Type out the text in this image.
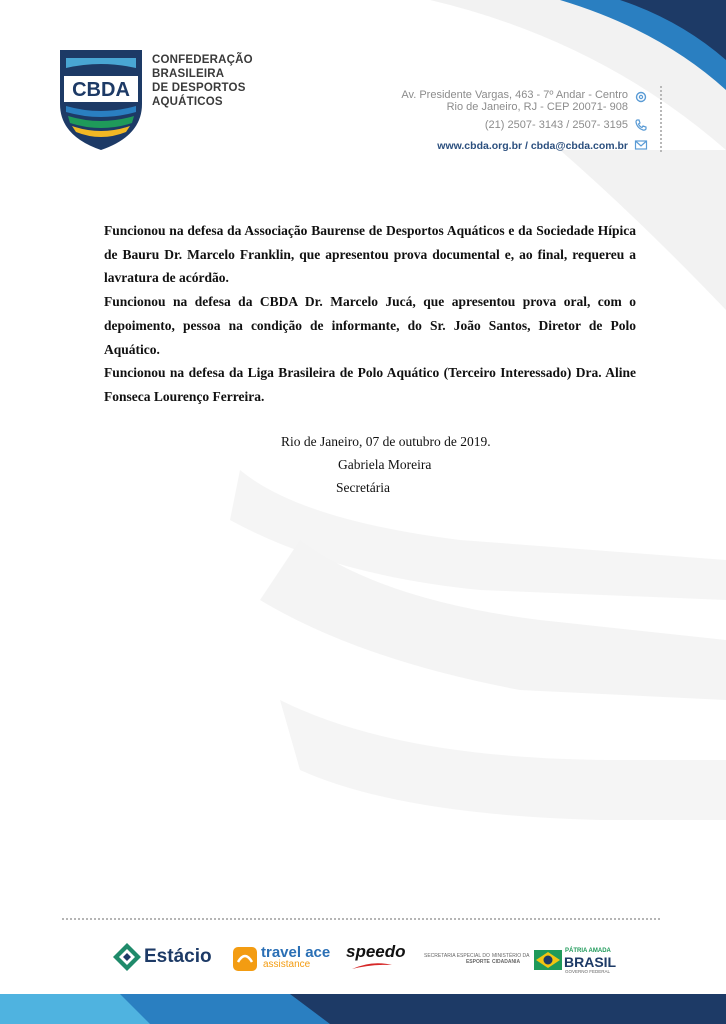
CBDA
CONFEDERAÇÃO
BRASILEIRA
DE DESPORTOS
AQUÁTICOS
Av. Presidente Vargas, 463 - 7º Andar - Centro
Rio de Janeiro, RJ - CEP 20071- 908
(21) 2507- 3143 / 2507- 3195
www.cbda.org.br / cbda@cbda.com.br

Funcionou na defesa da Associação Baurense de Desportos Aquáticos e da Sociedade Hípica de Bauru Dr. Marcelo Franklin, que apresentou prova documental e, ao final, requereu a lavratura de acórdão.

Funcionou na defesa da CBDA Dr. Marcelo Jucá, que apresentou prova oral, com o depoimento, pessoa na condição de informante, do Sr. João Santos, Diretor de Polo Aquático.

Funcionou na defesa da Liga Brasileira de Polo Aquático (Terceiro Interessado) Dra. Aline Fonseca Lourenço Ferreira.

Rio de Janeiro, 07 de outubro de 2019.
Gabriela Moreira
Secretária
Estácio	travel ace
assistance
speedo	SECRETARIA ESPECIAL DO
ESPORTE
MINISTÉRIO DA
CIDADANIA
PÁTRIA AMADA
BRASIL
GOVERNO FEDERAL
